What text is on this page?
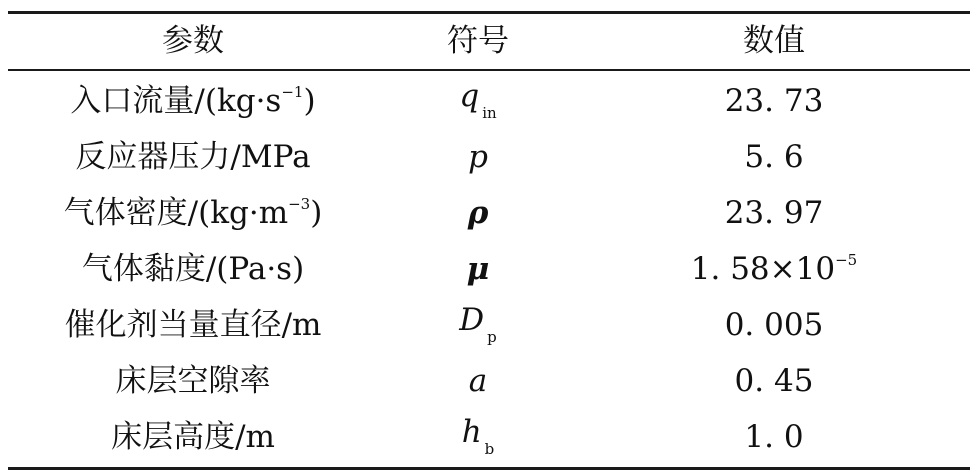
参数	符号	数值
入口流量$/(kg\cdot s^{-1})$	q $_{in}$	23. 73
反应器压力/MPa	p	5. 6
气体密度$/(kg\cdot m^{-3})$	ρ	23. 97
气体黏度/(Pa·s)	μ	1. $58\times 10^{-5}$
催化剂当量直径/m	D $_p$	0. 005
床层空隙率	a	0. 45
床层高度/m	h $_b$	1. 0
